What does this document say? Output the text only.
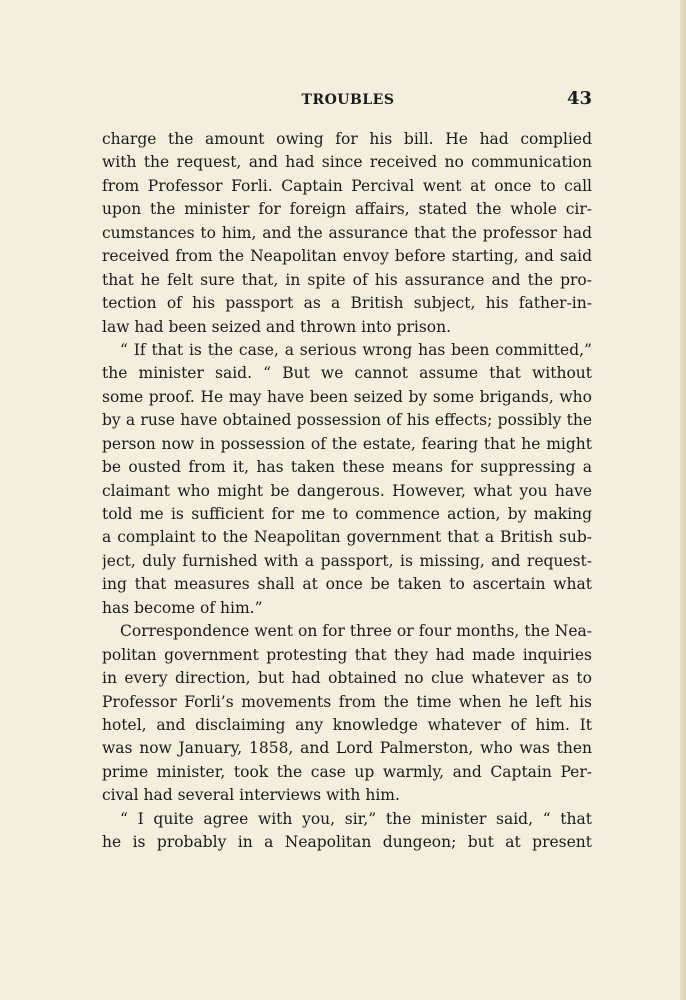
TROUBLES	43
charge the amount owing for his bill. He had complied
with the request, and had since received no communication
from Professor Forli. Captain Percival went at once to call
upon the minister for foreign affairs, stated the whole cir-
cumstances to him, and the assurance that the professor had
received from the Neapolitan envoy before starting, and said
that he felt sure that, in spite of his assurance and the pro-
tection of his passport as a British subject, his father-in-
law had been seized and thrown into prison.
“ If that is the case, a serious wrong has been committed,”
the minister said. “ But we cannot assume that without
some proof. He may have been seized by some brigands, who
by a ruse have obtained possession of his effects; possibly the
person now in possession of the estate, fearing that he might
be ousted from it, has taken these means for suppressing a
claimant who might be dangerous. However, what you have
told me is sufficient for me to commence action, by making
a complaint to the Neapolitan government that a British sub-
ject, duly furnished with a passport, is missing, and request-
ing that measures shall at once be taken to ascertain what
has become of him.”
Correspondence went on for three or four months, the Nea-
politan government protesting that they had made inquiries
in every direction, but had obtained no clue whatever as to
Professor Forli’s movements from the time when he left his
hotel, and disclaiming any knowledge whatever of him. It
was now January, 1858, and Lord Palmerston, who was then
prime minister, took the case up warmly, and Captain Per-
cival had several interviews with him.
“ I quite agree with you, sir,” the minister said, “ that
he is probably in a Neapolitan dungeon; but at present
